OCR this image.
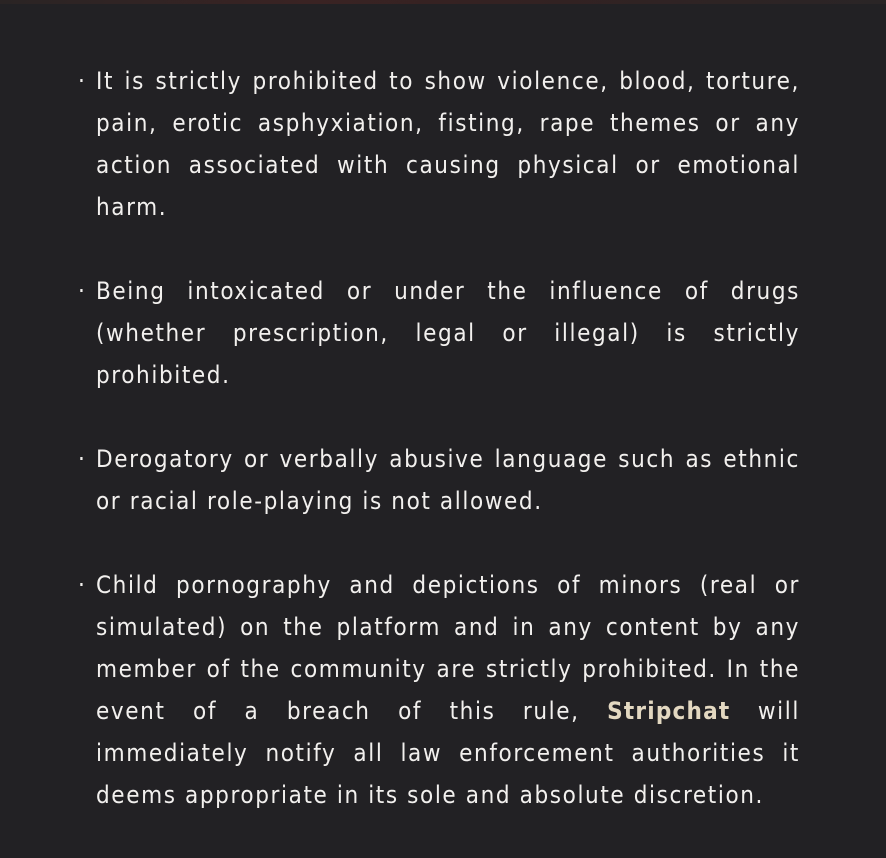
· It is strictly prohibited to show violence, blood, torture, pain, erotic asphyxiation, fisting, rape themes or any action associated with causing physical or emotional harm.
· Being intoxicated or under the influence of drugs (whether prescription, legal or illegal) is strictly prohibited.
· Derogatory or verbally abusive language such as ethnic or racial role-playing is not allowed.
· Child pornography and depictions of minors (real or simulated) on the platform and in any content by any member of the community are strictly prohibited. In the event of a breach of this rule, Stripchat will immediately notify all law enforcement authorities it deems appropriate in its sole and absolute discretion.
